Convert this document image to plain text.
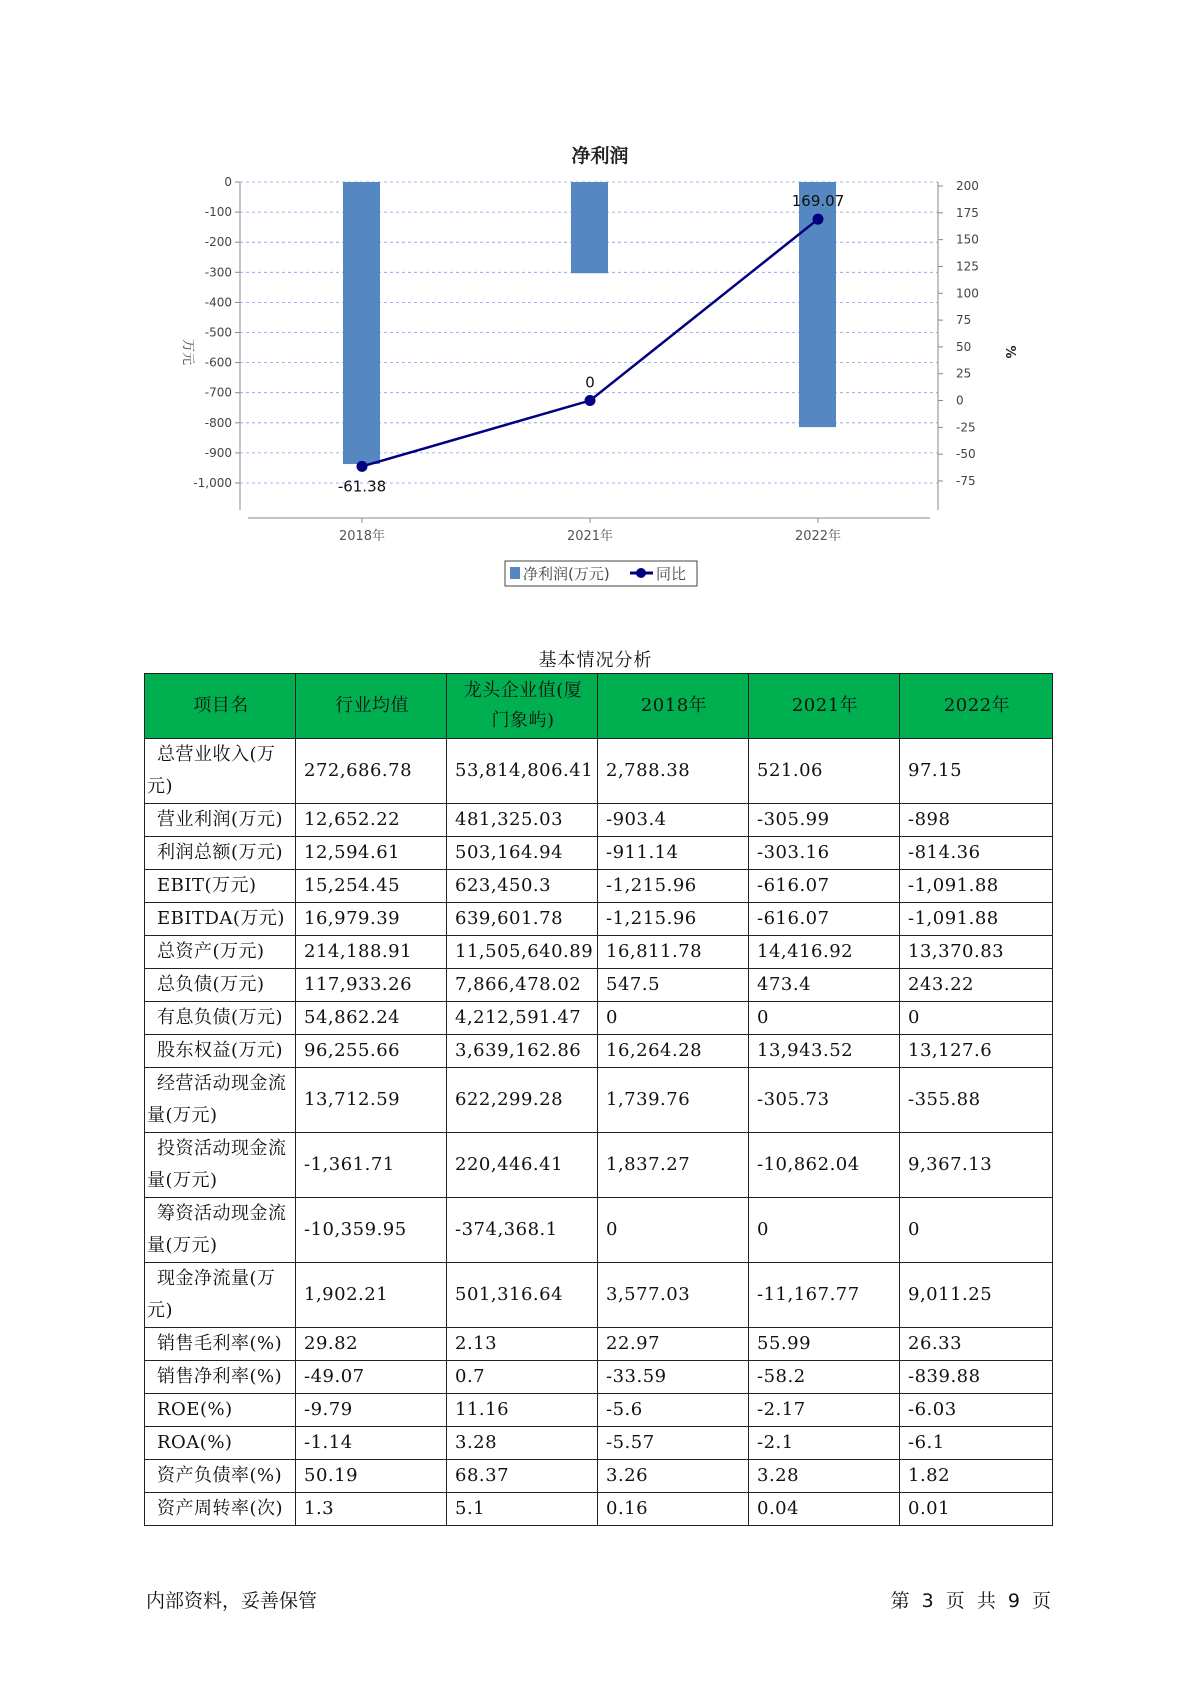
净利润
0
-100
-200
-300
-400
-500
-600
-700
-800
-900
-1,000
200
175
150
125
100
75
50
25
0
-25
-50
-75
2018年	2021年	2022年
-61.38
0
169.07
万元	%
净利润(万元)	同比
基本情况分析
项目名	行业均值	龙头企业值(厦门象屿)	2018年	2021年	2022年
总营业收入(万元)	272,686.78	53,814,806.41	2,788.38	521.06	97.15
营业利润(万元)	12,652.22	481,325.03	-903.4	-305.99	-898
利润总额(万元)	12,594.61	503,164.94	-911.14	-303.16	-814.36
EBIT(万元)	15,254.45	623,450.3	-1,215.96	-616.07	-1,091.88
EBITDA(万元)	16,979.39	639,601.78	-1,215.96	-616.07	-1,091.88
总资产(万元)	214,188.91	11,505,640.89	16,811.78	14,416.92	13,370.83
总负债(万元)	117,933.26	7,866,478.02	547.5	473.4	243.22
有息负债(万元)	54,862.24	4,212,591.47	0	0	0
股东权益(万元)	96,255.66	3,639,162.86	16,264.28	13,943.52	13,127.6
经营活动现金流量(万元)	13,712.59	622,299.28	1,739.76	-305.73	-355.88
投资活动现金流量(万元)	-1,361.71	220,446.41	1,837.27	-10,862.04	9,367.13
筹资活动现金流量(万元)	-10,359.95	-374,368.1	0	0	0
现金净流量(万元)	1,902.21	501,316.64	3,577.03	-11,167.77	9,011.25
销售毛利率(%)	29.82	2.13	22.97	55.99	26.33
销售净利率(%)	-49.07	0.7	-33.59	-58.2	-839.88
ROE(%)	-9.79	11.16	-5.6	-2.17	-6.03
ROA(%)	-1.14	3.28	-5.57	-2.1	-6.1
资产负债率(%)	50.19	68.37	3.26	3.28	1.82
资产周转率(次)	1.3	5.1	0.16	0.04	0.01
内部资料，妥善保管	第 3 页 共 9 页
